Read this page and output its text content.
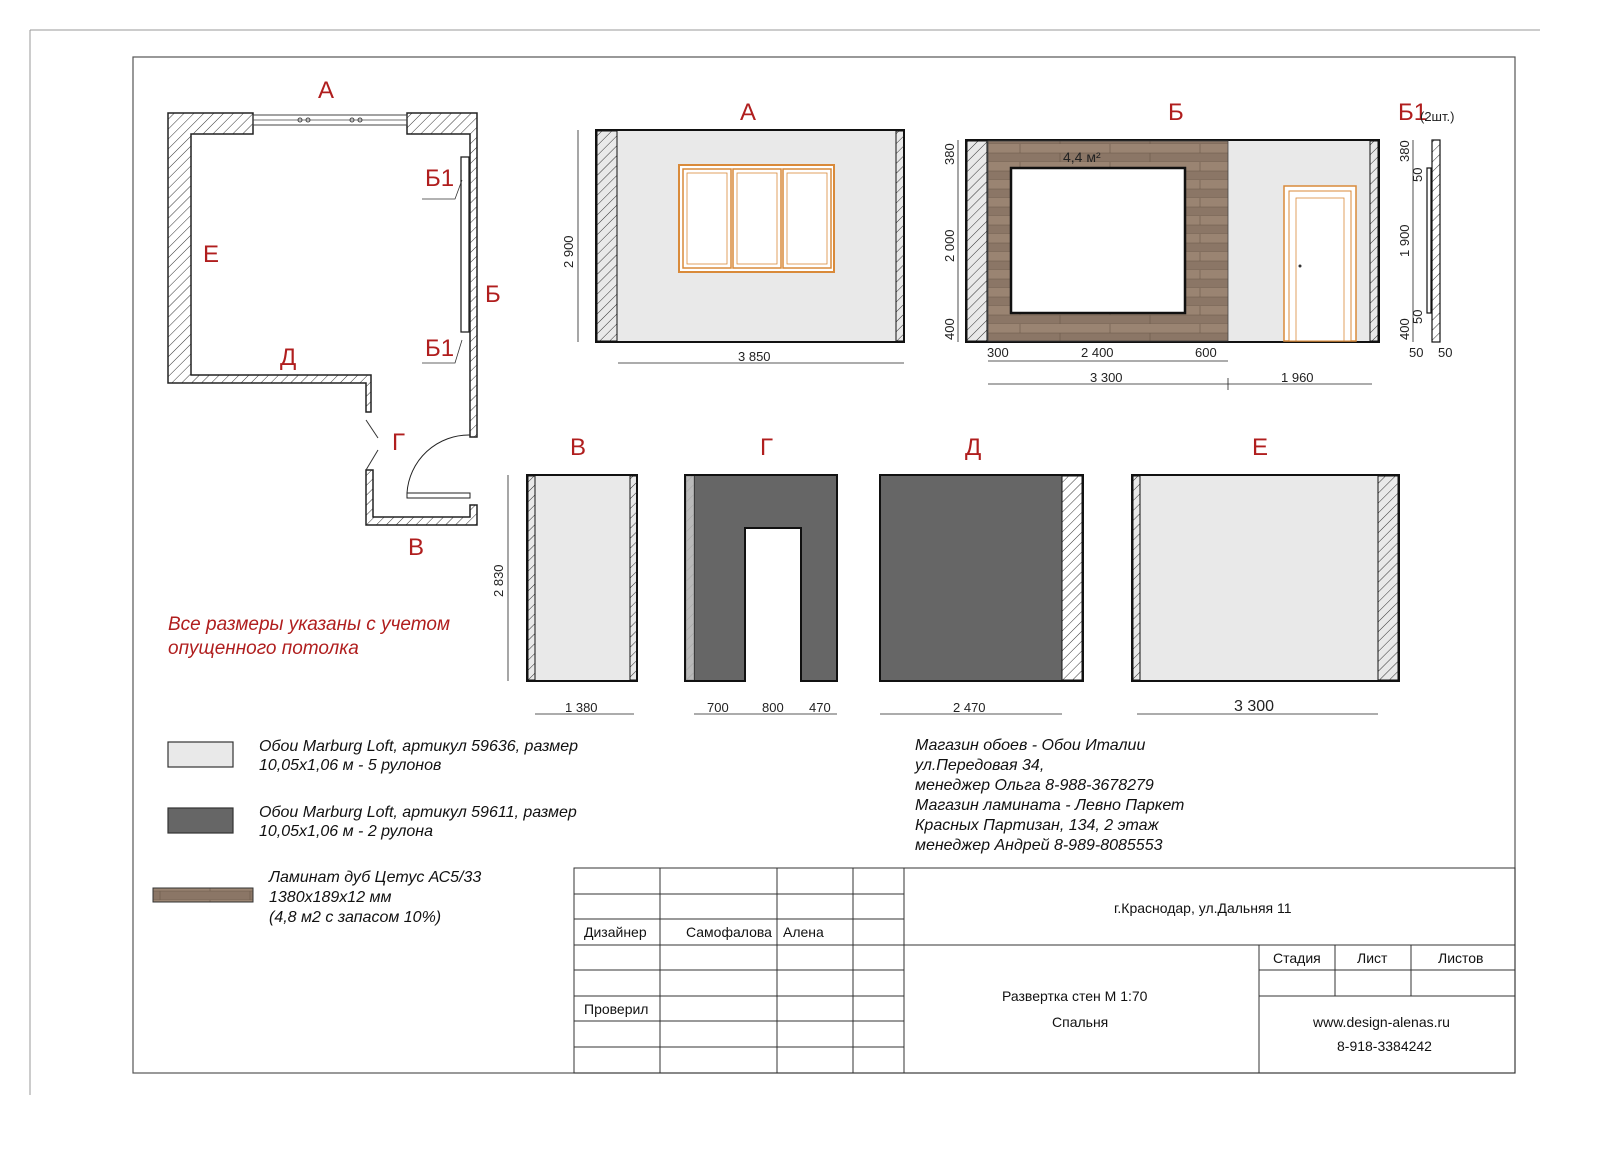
А
Б
Б1
Б1
В
Г
Д
Е
А
2 900
3 850
Б
4,4 м²
380
2 000
400
300	2 400	600
3 300	1 960
Б1
(2шт.)
380
50
1 900
50
400
50 50
В
2 830
1 380
Г
700	800 470
Д
2 470
Е
3 300
Все размеры указаны с учетом
опущенного потолка
Обои Marburg Loft, артикул 59636, размер
10,05х1,06 м - 5 рулонов
Обои Marburg Loft, артикул 59611, размер
10,05х1,06 м - 2 рулона
Ламинат дуб Цетус АС5/33
1380х189х12 мм
(4,8 м2 с запасом 10%)
Магазин обоев - Обои Италии
ул.Передовая 34,
менеджер Ольга 8-988-3678279
Магазин ламината - Левно Паркет
Красных Партизан, 134, 2 этаж
менеджер Андрей 8-989-8085553
Дизайнер	Самофалова Алена
Проверил
г.Краснодар, ул.Дальняя 11
Стадия	Лист	Листов
Развертка стен М 1:70
Спальня	www.design-alenas.ru
8-918-3384242
